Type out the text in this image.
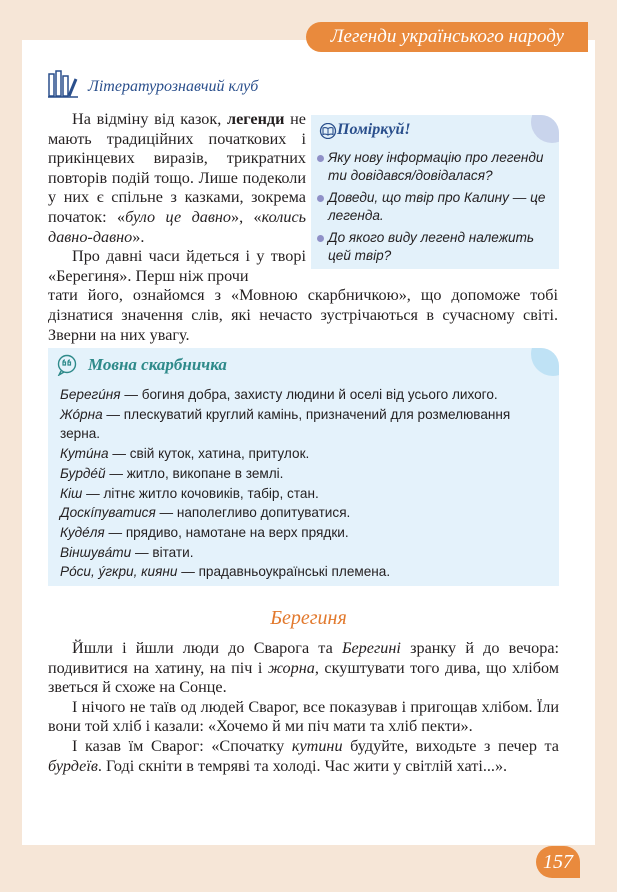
Легенди українського народу
Літературознавчий клуб

На відміну від казок, легенди не мають традиційних початкових і прикінцевих виразів, трикратних повторів подій тощо. Лише подеколи у них є спільне з казками, зокрема початок: «було це давно», «колись давно-давно».

Про давні часи йдеться і у творі «Берегиня». Перш ніж прочи

тати його, ознайомся з «Мовною скарбничкою», що допоможе тобі дізнатися значення слів, які нечасто зустрічаються в сучасному світі. Зверни на них увагу.

Поміркуй!
Яку нову інформацію про легенди ти довідався/довідалася?
Доведи, що твір про Калину — це легенда.
До якого виду легенд належить цей твір?
Мовна скарбничка
Берегúня — богиня добра, захисту людини й оселі від усього лихого.
Жóрна — плескуватий круглий камінь, призначений для розмелювання зерна.
Кутúна — свій куток, хатина, притулок.
Бурдéй — житло, викопане в землі.
Кіш — літнє житло кочовиків, табір, стан.
Доскíпуватися — наполегливо допитуватися.
Кудéля — прядиво, намотане на верх прядки.
Віншувáти — вітати.
Рóси, ýгкри, кияни — прадавньоукраїнські племена.
Берегиня

Йшли і йшли люди до Сварога та Берегині зранку й до вечора: подивитися на хатину, на піч і жорна, скуштувати того дива, що хлібом зветься й схоже на Сонце.

І нічого не таїв од людей Сварог, все показував і пригощав хлібом. Їли вони той хліб і казали: «Хочемо й ми піч мати та хліб пекти».

І казав їм Сварог: «Спочатку кутини будуйте, виходьте з печер та бурдеїв. Годі скніти в темряві та холоді. Час жити у світлій хаті...».

157
